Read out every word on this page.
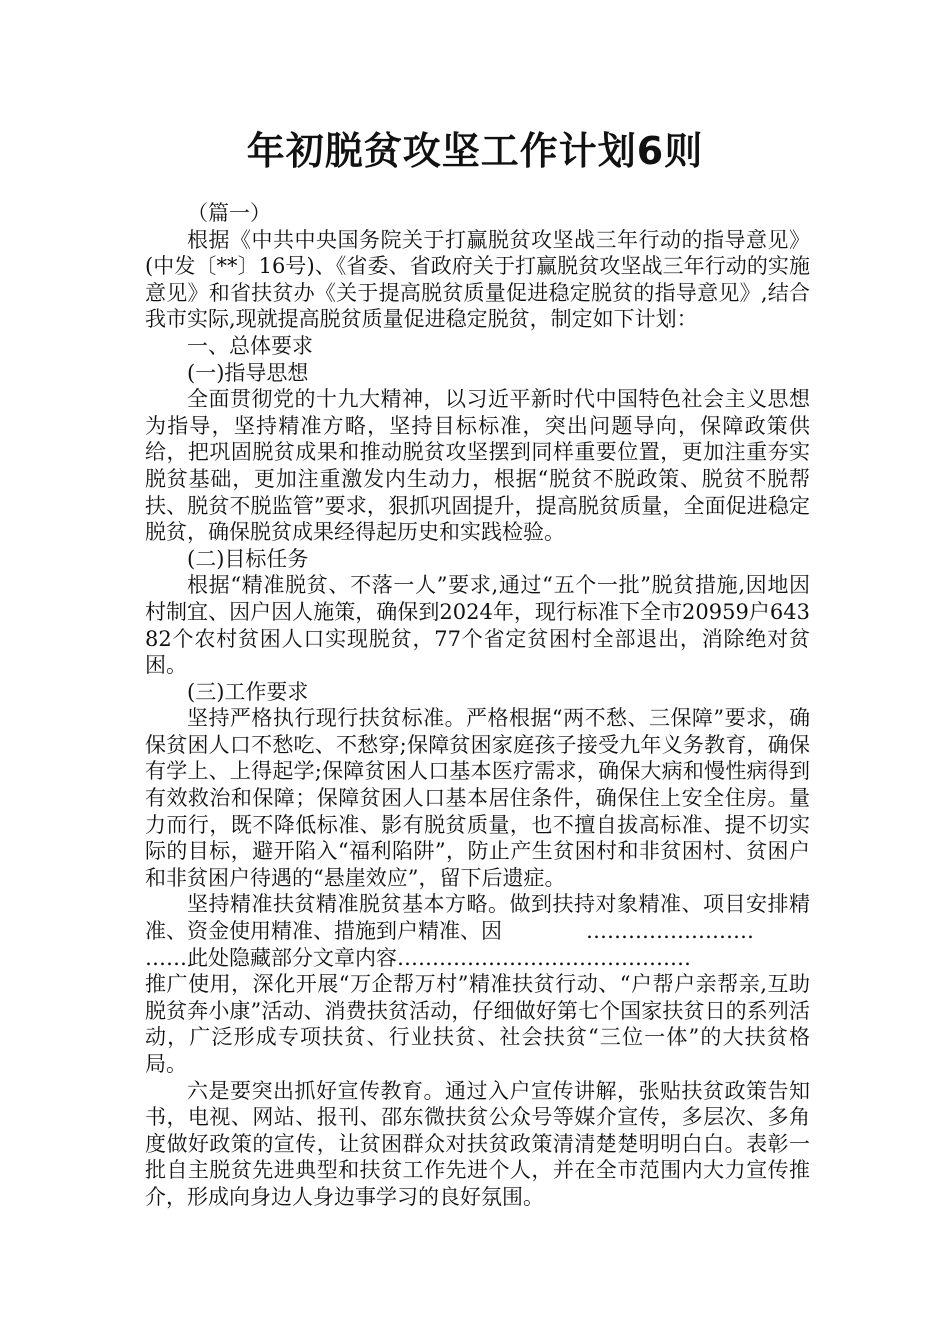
年初脱贫攻坚工作计划6则

（篇一）

根据《中共中央国务院关于打赢脱贫攻坚战三年行动的指导意见》(中发〔**〕16号)、《省委、省政府关于打赢脱贫攻坚战三年行动的实施意见》和省扶贫办《关于提高脱贫质量促进稳定脱贫的指导意见》,结合我市实际,现就提高脱贫质量促进稳定脱贫，制定如下计划：

一、总体要求

(一)指导思想

全面贯彻党的十九大精神，以习近平新时代中国特色社会主义思想为指导，坚持精准方略，坚持目标标准，突出问题导向，保障政策供给，把巩固脱贫成果和推动脱贫攻坚摆到同样重要位置，更加注重夯实脱贫基础，更加注重激发内生动力，根据“脱贫不脱政策、脱贫不脱帮扶、脱贫不脱监管”要求，狠抓巩固提升，提高脱贫质量，全面促进稳定脱贫，确保脱贫成果经得起历史和实践检验。

(二)目标任务

根据“精准脱贫、不落一人”要求,通过“五个一批”脱贫措施,因地因村制宜、因户因人施策，确保到2024年，现行标准下全市20959户64382个农村贫困人口实现脱贫，77个省定贫困村全部退出，消除绝对贫困。

(三)工作要求

坚持严格执行现行扶贫标准。严格根据“两不愁、三保障”要求，确保贫困人口不愁吃、不愁穿;保障贫困家庭孩子接受九年义务教育，确保有学上、上得起学;保障贫困人口基本医疗需求，确保大病和慢性病得到有效救治和保障；保障贫困人口基本居住条件，确保住上安全住房。量力而行，既不降低标准、影有脱贫质量，也不擅自拔高标准、提不切实际的目标，避开陷入“福利陷阱”，防止产生贫困村和非贫困村、贫困户和非贫困户待遇的“悬崖效应”，留下后遗症。

坚持精准扶贫精准脱贫基本方略。做到扶持对象精准、项目安排精准、资金使用精准、措施到户精准、因  	……………………

……此处隐藏部分文章内容……………………………………

推广使用，深化开展“万企帮万村”精准扶贫行动、“户帮户亲帮亲,互助脱贫奔小康”活动、消费扶贫活动，仔细做好第七个国家扶贫日的系列活动，广泛形成专项扶贫、行业扶贫、社会扶贫“三位一体”的大扶贫格局。

六是要突出抓好宣传教育。通过入户宣传讲解，张贴扶贫政策告知书，电视、网站、报刊、邵东微扶贫公众号等媒介宣传，多层次、多角度做好政策的宣传，让贫困群众对扶贫政策清清楚楚明明白白。表彰一批自主脱贫先进典型和扶贫工作先进个人，并在全市范围内大力宣传推介，形成向身边人身边事学习的良好氛围。
